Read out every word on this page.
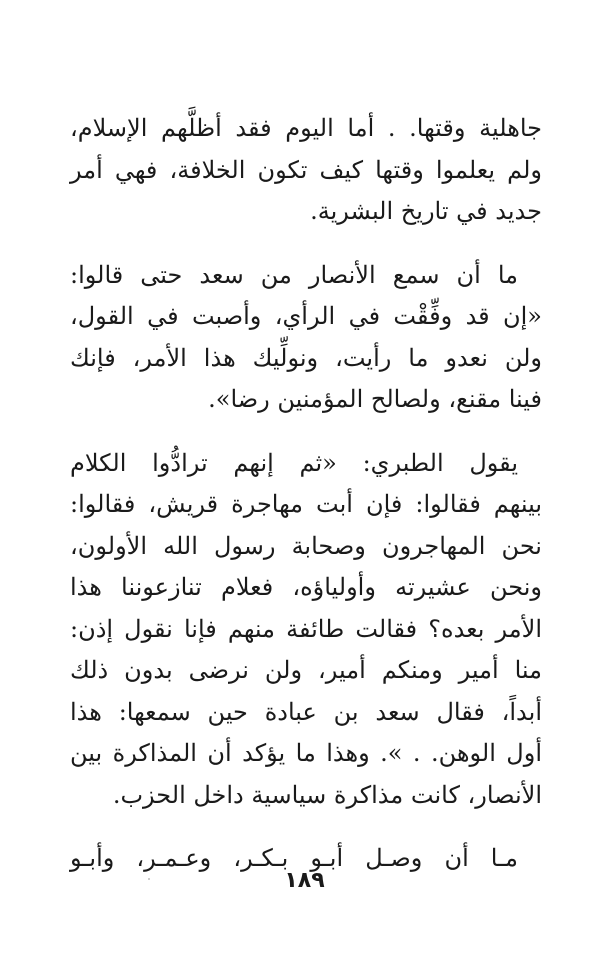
جاهلية وقتها. . أما اليوم فقد أظلَّهم الإسلام،
ولم يعلموا وقتها كيف تكون الخلافة، فهي أمر
جديد في تاريخ البشرية.

ما أن سمع الأنصار من سعد حتى قالوا:
«إن قد وفِّقْت في الرأي، وأصبت في القول،
ولن نعدو ما رأيت، ونولِّيك هذا الأمر، فإنك
فينا مقنع، ولصالح المؤمنين رضا».

يقول الطبري: «ثم إنهم ترادُّوا الكلام
بينهم فقالوا: فإن أبت مهاجرة قريش، فقالوا:
نحن المهاجرون وصحابة رسول الله الأولون،
ونحن عشيرته وأولياؤه، فعلام تنازعوننا هذا
الأمر بعده؟ فقالت طائفة منهم فإنا نقول إذن:
منا أمير ومنكم أمير، ولن نرضى بدون ذلك
أبداً، فقال سعد بن عبادة حين سمعها: هذا
أول الوهن. . ». وهذا ما يؤكد أن المذاكرة بين
الأنصار، كانت مذاكرة سياسية داخل الحزب.

مـا أن وصـل أبـو بـكـر، وعـمـر، وأبـو

١٨٩
